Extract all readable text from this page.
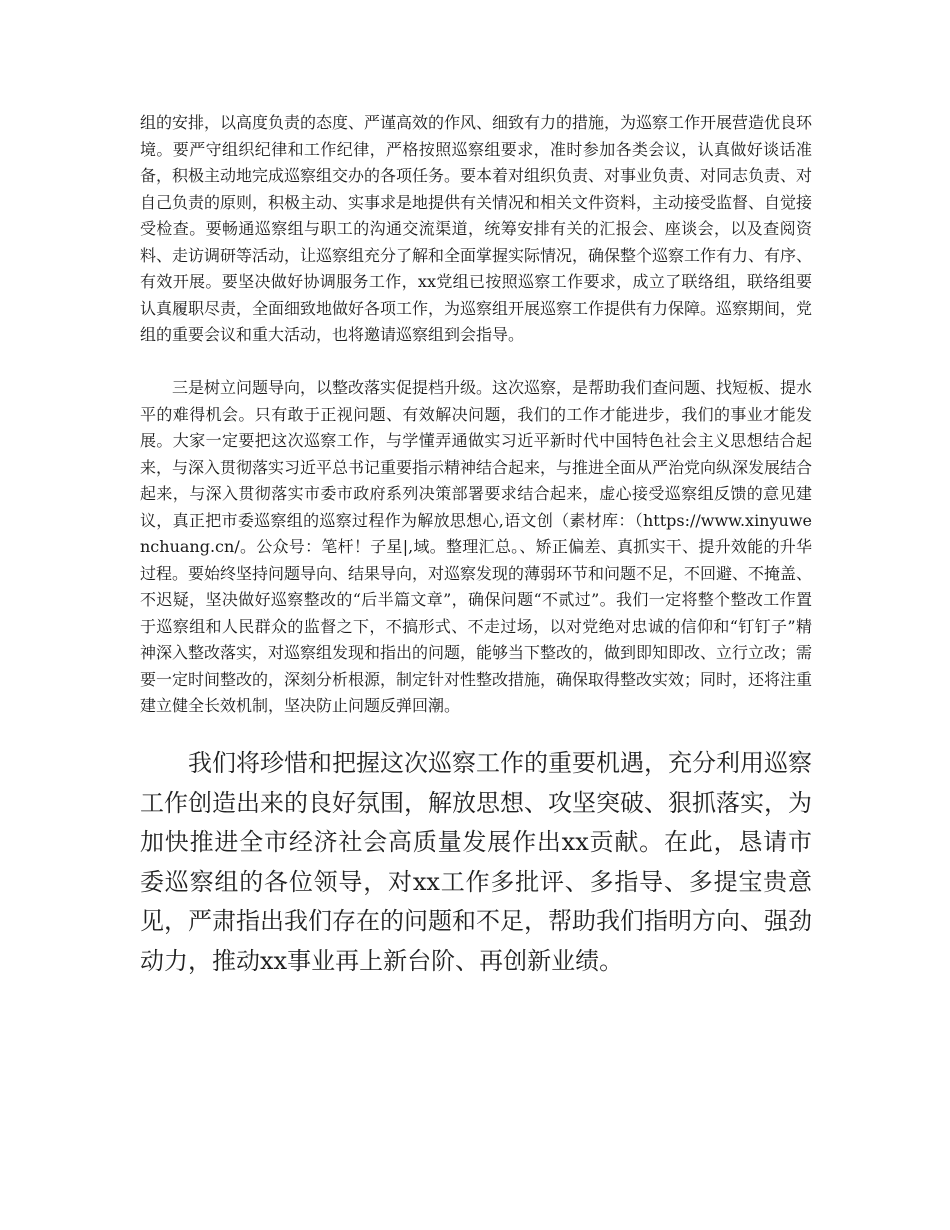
组的安排，以高度负责的态度、严谨高效的作风、细致有力的措施，为巡察工作开展营造优良环境。要严守组织纪律和工作纪律，严格按照巡察组要求，准时参加各类会议，认真做好谈话准备，积极主动地完成巡察组交办的各项任务。要本着对组织负责、对事业负责、对同志负责、对自己负责的原则，积极主动、实事求是地提供有关情况和相关文件资料，主动接受监督、自觉接受检查。要畅通巡察组与职工的沟通交流渠道，统筹安排有关的汇报会、座谈会，以及查阅资料、走访调研等活动，让巡察组充分了解和全面掌握实际情况，确保整个巡察工作有力、有序、有效开展。要坚决做好协调服务工作，xx党组已按照巡察工作要求，成立了联络组，联络组要认真履职尽责，全面细致地做好各项工作，为巡察组开展巡察工作提供有力保障。巡察期间，党组的重要会议和重大活动，也将邀请巡察组到会指导。

三是树立问题导向，以整改落实促提档升级。这次巡察，是帮助我们查问题、找短板、提水平的难得机会。只有敢于正视问题、有效解决问题，我们的工作才能进步，我们的事业才能发展。大家一定要把这次巡察工作，与学懂弄通做实习近平新时代中国特色社会主义思想结合起来，与深入贯彻落实习近平总书记重要指示精神结合起来，与推进全面从严治党向纵深发展结合起来，与深入贯彻落实市委市政府系列决策部署要求结合起来，虚心接受巡察组反馈的意见建议，真正把市委巡察组的巡察过程作为解放思想心,语文创（素材库：（https://www.xinyuwenchuang.cn/。公众号：笔杆！子星|,域。整理汇总。、矫正偏差、真抓实干、提升效能的升华过程。要始终坚持问题导向、结果导向，对巡察发现的薄弱环节和问题不足，不回避、不掩盖、不迟疑，坚决做好巡察整改的“后半篇文章”，确保问题“不贰过”。我们一定将整个整改工作置于巡察组和人民群众的监督之下，不搞形式、不走过场，以对党绝对忠诚的信仰和“钉钉子”精神深入整改落实，对巡察组发现和指出的问题，能够当下整改的，做到即知即改、立行立改；需要一定时间整改的，深刻分析根源，制定针对性整改措施，确保取得整改实效；同时，还将注重建立健全长效机制，坚决防止问题反弹回潮。

我们将珍惜和把握这次巡察工作的重要机遇，充分利用巡察工作创造出来的良好氛围，解放思想、攻坚突破、狠抓落实，为加快推进全市经济社会高质量发展作出xx贡献。在此，恳请市委巡察组的各位领导，对xx工作多批评、多指导、多提宝贵意见，严肃指出我们存在的问题和不足，帮助我们指明方向、强劲动力，推动xx事业再上新台阶、再创新业绩。
